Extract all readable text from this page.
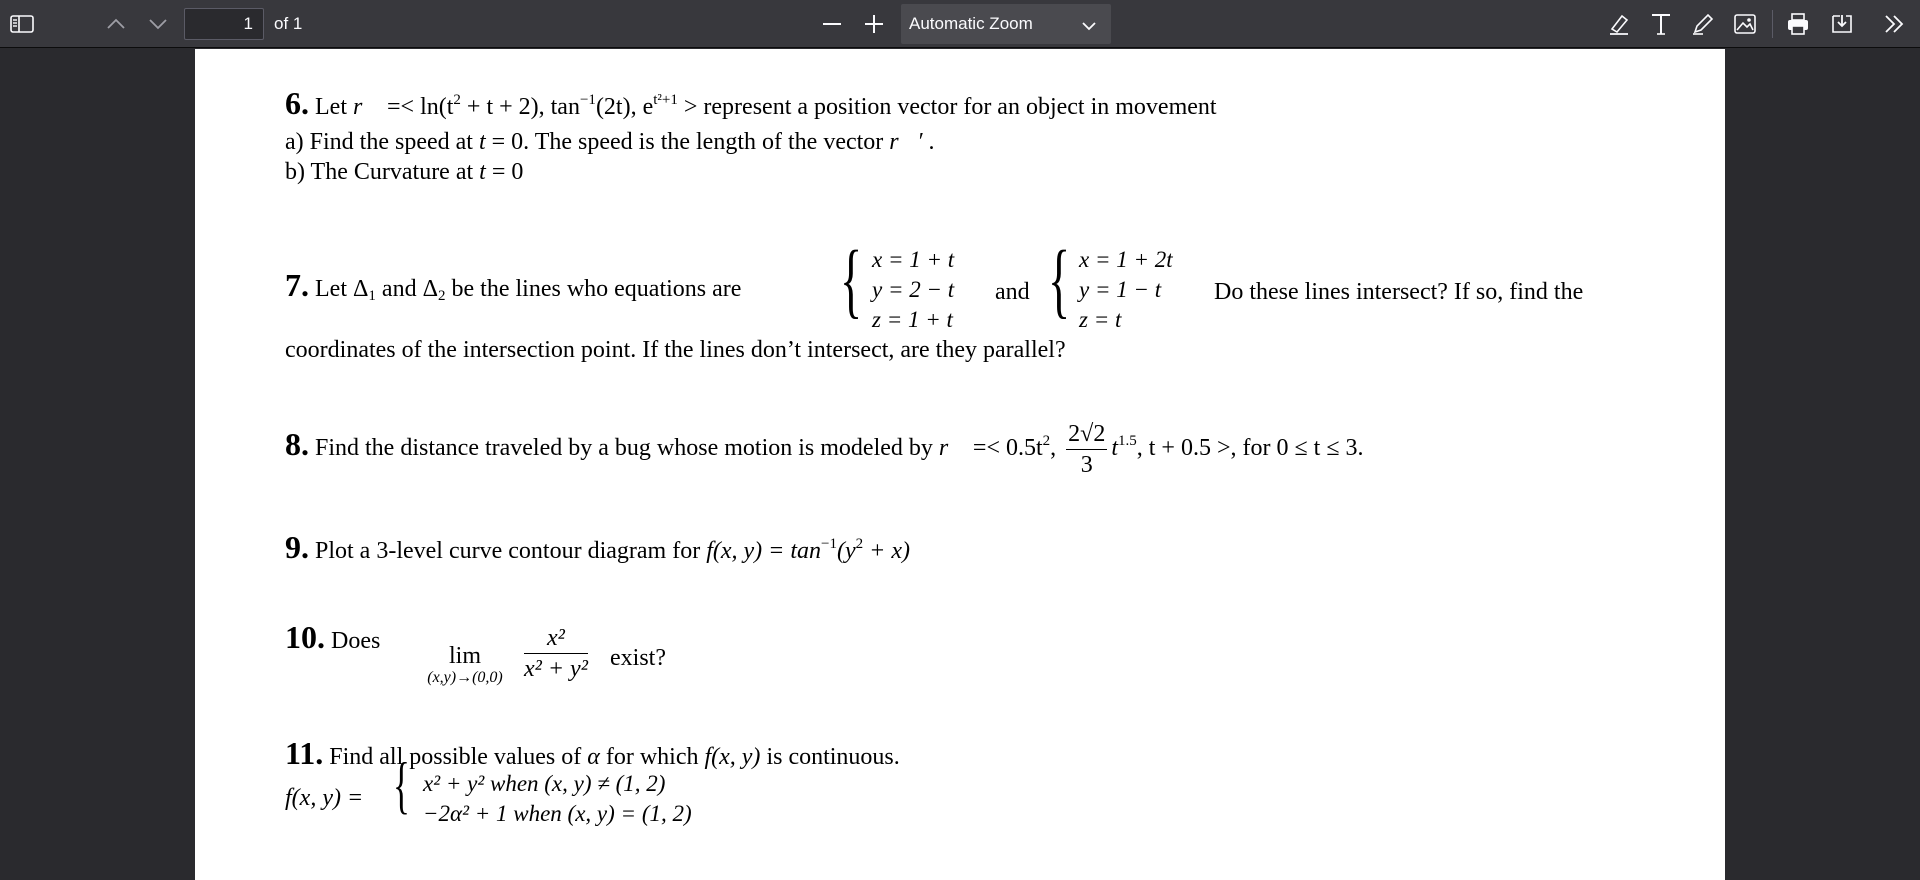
1
of 1	Automatic Zoom
6. Let r⃗ =< $\ln(t^2 + t + 2)$, $\tan^{-1}(2t)$, $e^{t^2+1}$ > represent a position vector for an object in movement
a) Find the speed at t = 0. The speed is the length of the vector r⃗′ .
b) The Curvature at t = 0
7. Let $\Delta_1$ and $\Delta_2$ be the lines who equations are { x = 1 + t
y = 2 − t
z = 1 + t
and { x = 1 + 2t
y = 1 − t
z = t
Do these lines intersect? If so, find the
coordinates of the intersection point. If the lines don’t intersect, are they parallel?
8. Find the distance traveled by a bug whose motion is modeled by r⃗ =< $0.5t^2$, $\frac{2√2}{3} t^{1.5}$, t + 0.5 >, for 0 ≤ t ≤ 3.
9. Plot a 3-level curve contour diagram for f(x, $y) = \tan^{-1}(y^2 + x)$
10. Does
lim
$(x,y)\to(0,0) \frac{\text{x²}}{\text{x² + y²}}$ exist?
11. Find all possible values of α for which f(x, y) is continuous.
f(x, y) = { x² + y² when (x, y) ≠ (1, 2)
−2α² + 1 when (x, y) = (1, 2)
